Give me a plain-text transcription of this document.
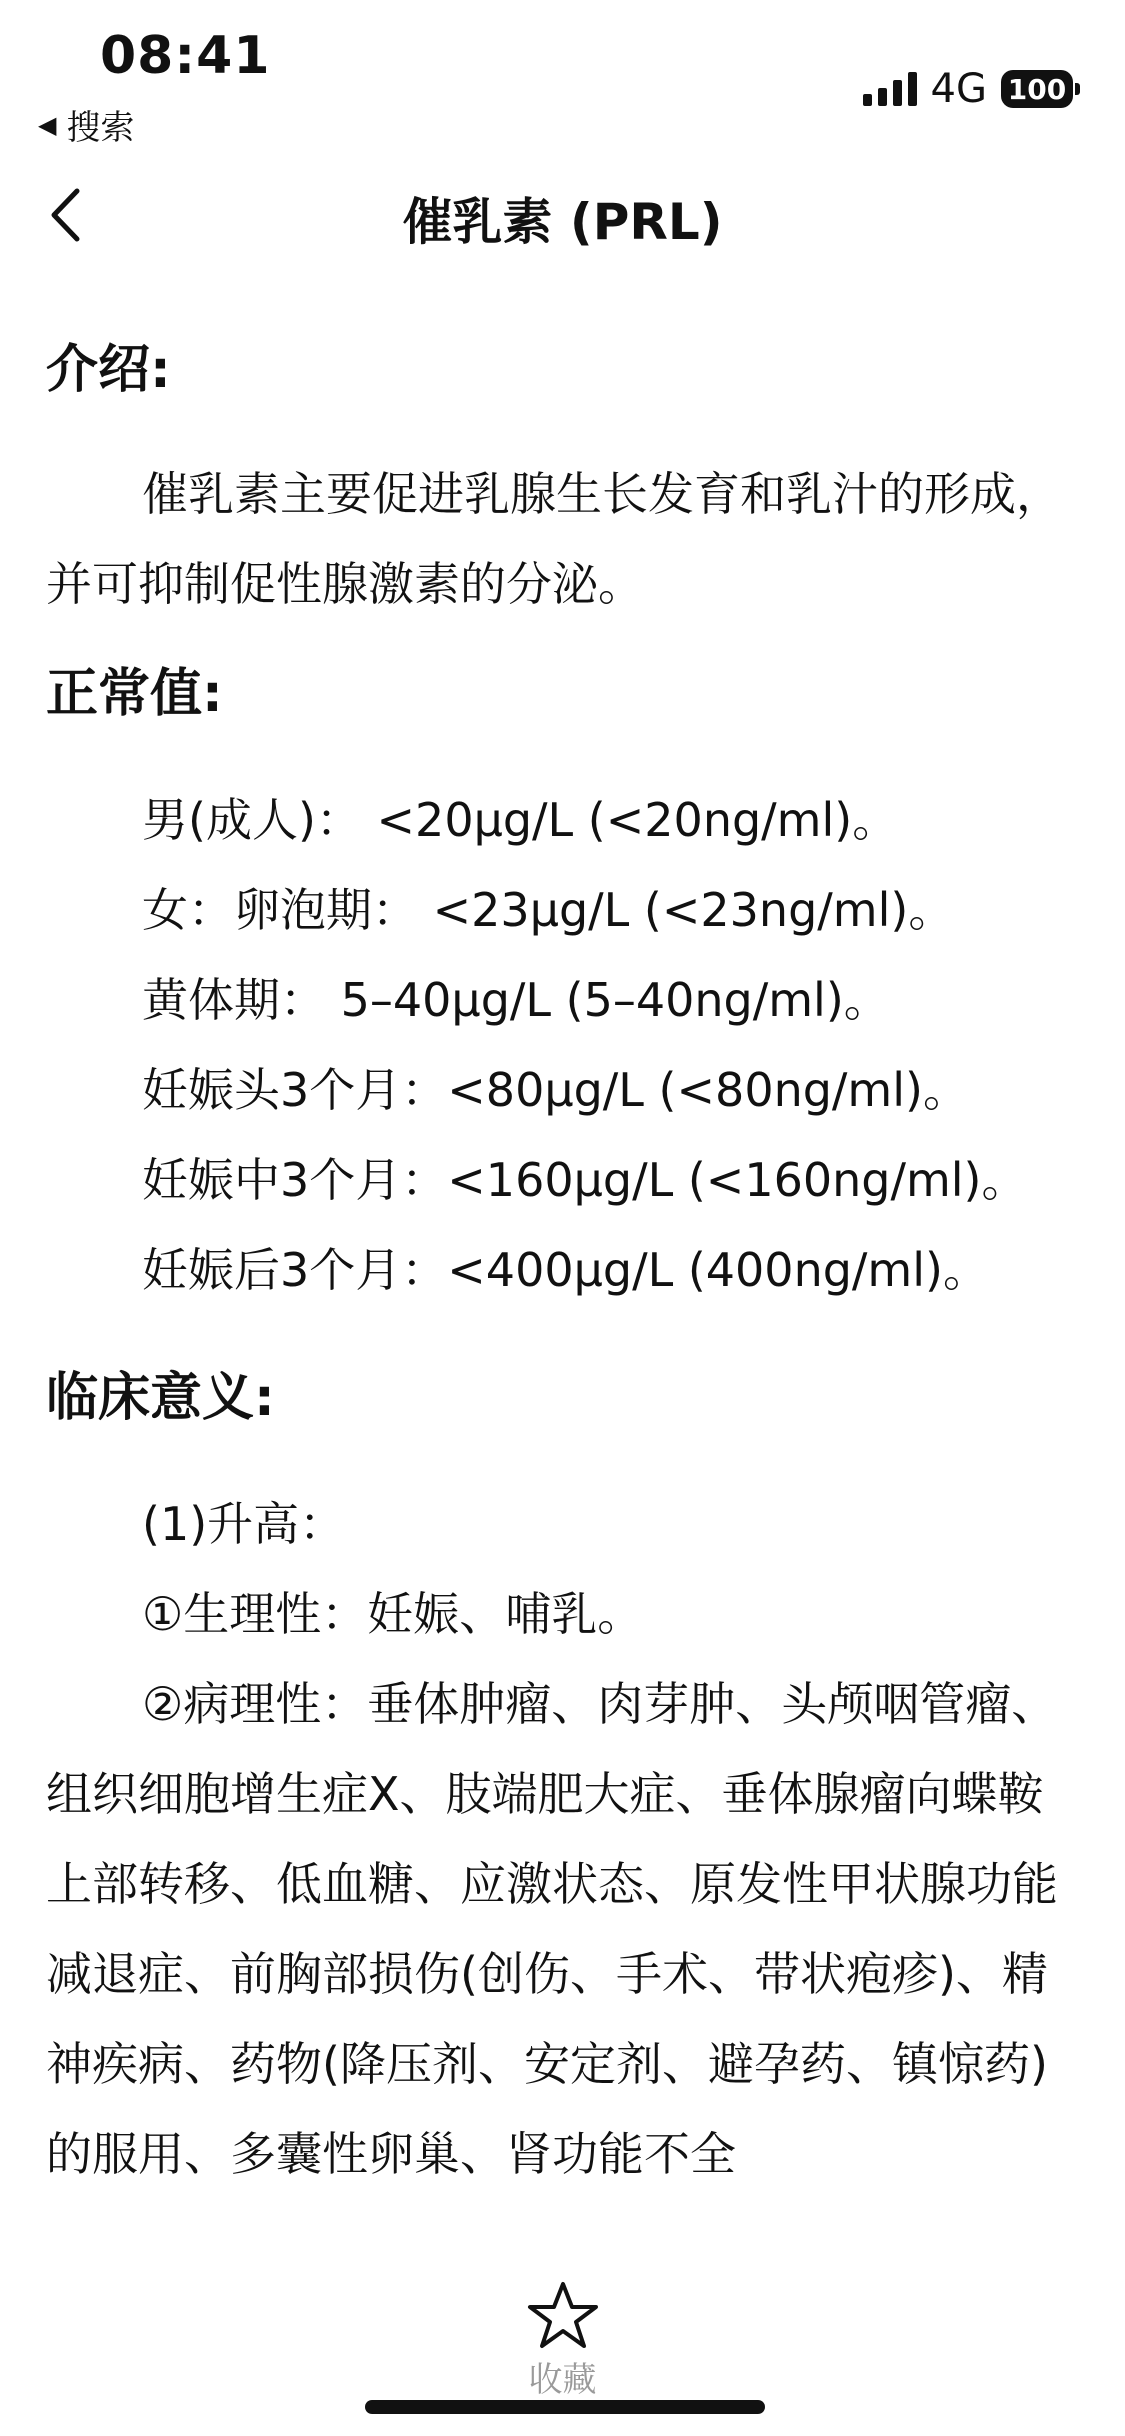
08:41
◀ 搜索
4G 100
催乳素 (PRL)
介绍:

催乳素主要促进乳腺生长发育和乳汁的形成，并可抑制促性腺激素的分泌。

正常值:
男(成人)： <20μg/L (<20ng/ml)。
女：卵泡期： <23μg/L (<23ng/ml)。
黄体期： 5–40μg/L (5–40ng/ml)。
妊娠头3个月：<80μg/L (<80ng/ml)。
妊娠中3个月：<160μg/L (<160ng/ml)。
妊娠后3个月：<400μg/L (400ng/ml)。
临床意义:
(1)升高：
①生理性：妊娠、哺乳。

②病理性：垂体肿瘤、肉芽肿、头颅咽管瘤、组织细胞增生症X、肢端肥大症、垂体腺瘤向蝶鞍上部转移、低血糖、应激状态、原发性甲状腺功能减退症、前胸部损伤(创伤、手术、带状疱疹)、精神疾病、药物(降压剂、安定剂、避孕药、镇惊药)的服用、多囊性卵巢、肾功能不全

收藏
